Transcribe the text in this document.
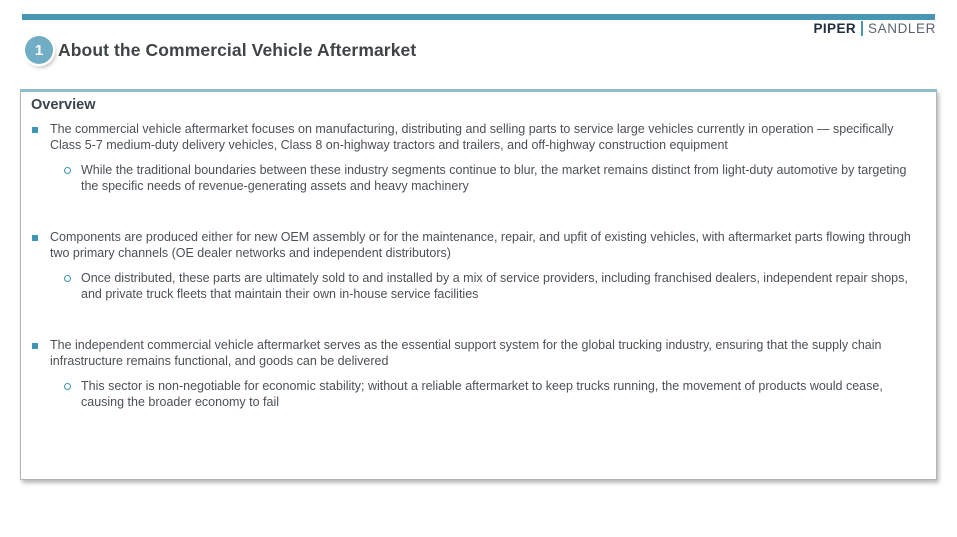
PIPER SANDLER
1 About the Commercial Vehicle Aftermarket
Overview

The commercial vehicle aftermarket focuses on manufacturing, distributing and selling parts to service large vehicles currently in operation — specifically Class 5-7 medium-duty delivery vehicles, Class 8 on-highway tractors and trailers, and off-highway construction equipment

While the traditional boundaries between these industry segments continue to blur, the market remains distinct from light-duty automotive by targeting the specific needs of revenue-generating assets and heavy machinery

Components are produced either for new OEM assembly or for the maintenance, repair, and upfit of existing vehicles, with aftermarket parts flowing through two primary channels (OE dealer networks and independent distributors)

Once distributed, these parts are ultimately sold to and installed by a mix of service providers, including franchised dealers, independent repair shops, and private truck fleets that maintain their own in-house service facilities

The independent commercial vehicle aftermarket serves as the essential support system for the global trucking industry, ensuring that the supply chain infrastructure remains functional, and goods can be delivered

This sector is non-negotiable for economic stability; without a reliable aftermarket to keep trucks running, the movement of products would cease, causing the broader economy to fail
